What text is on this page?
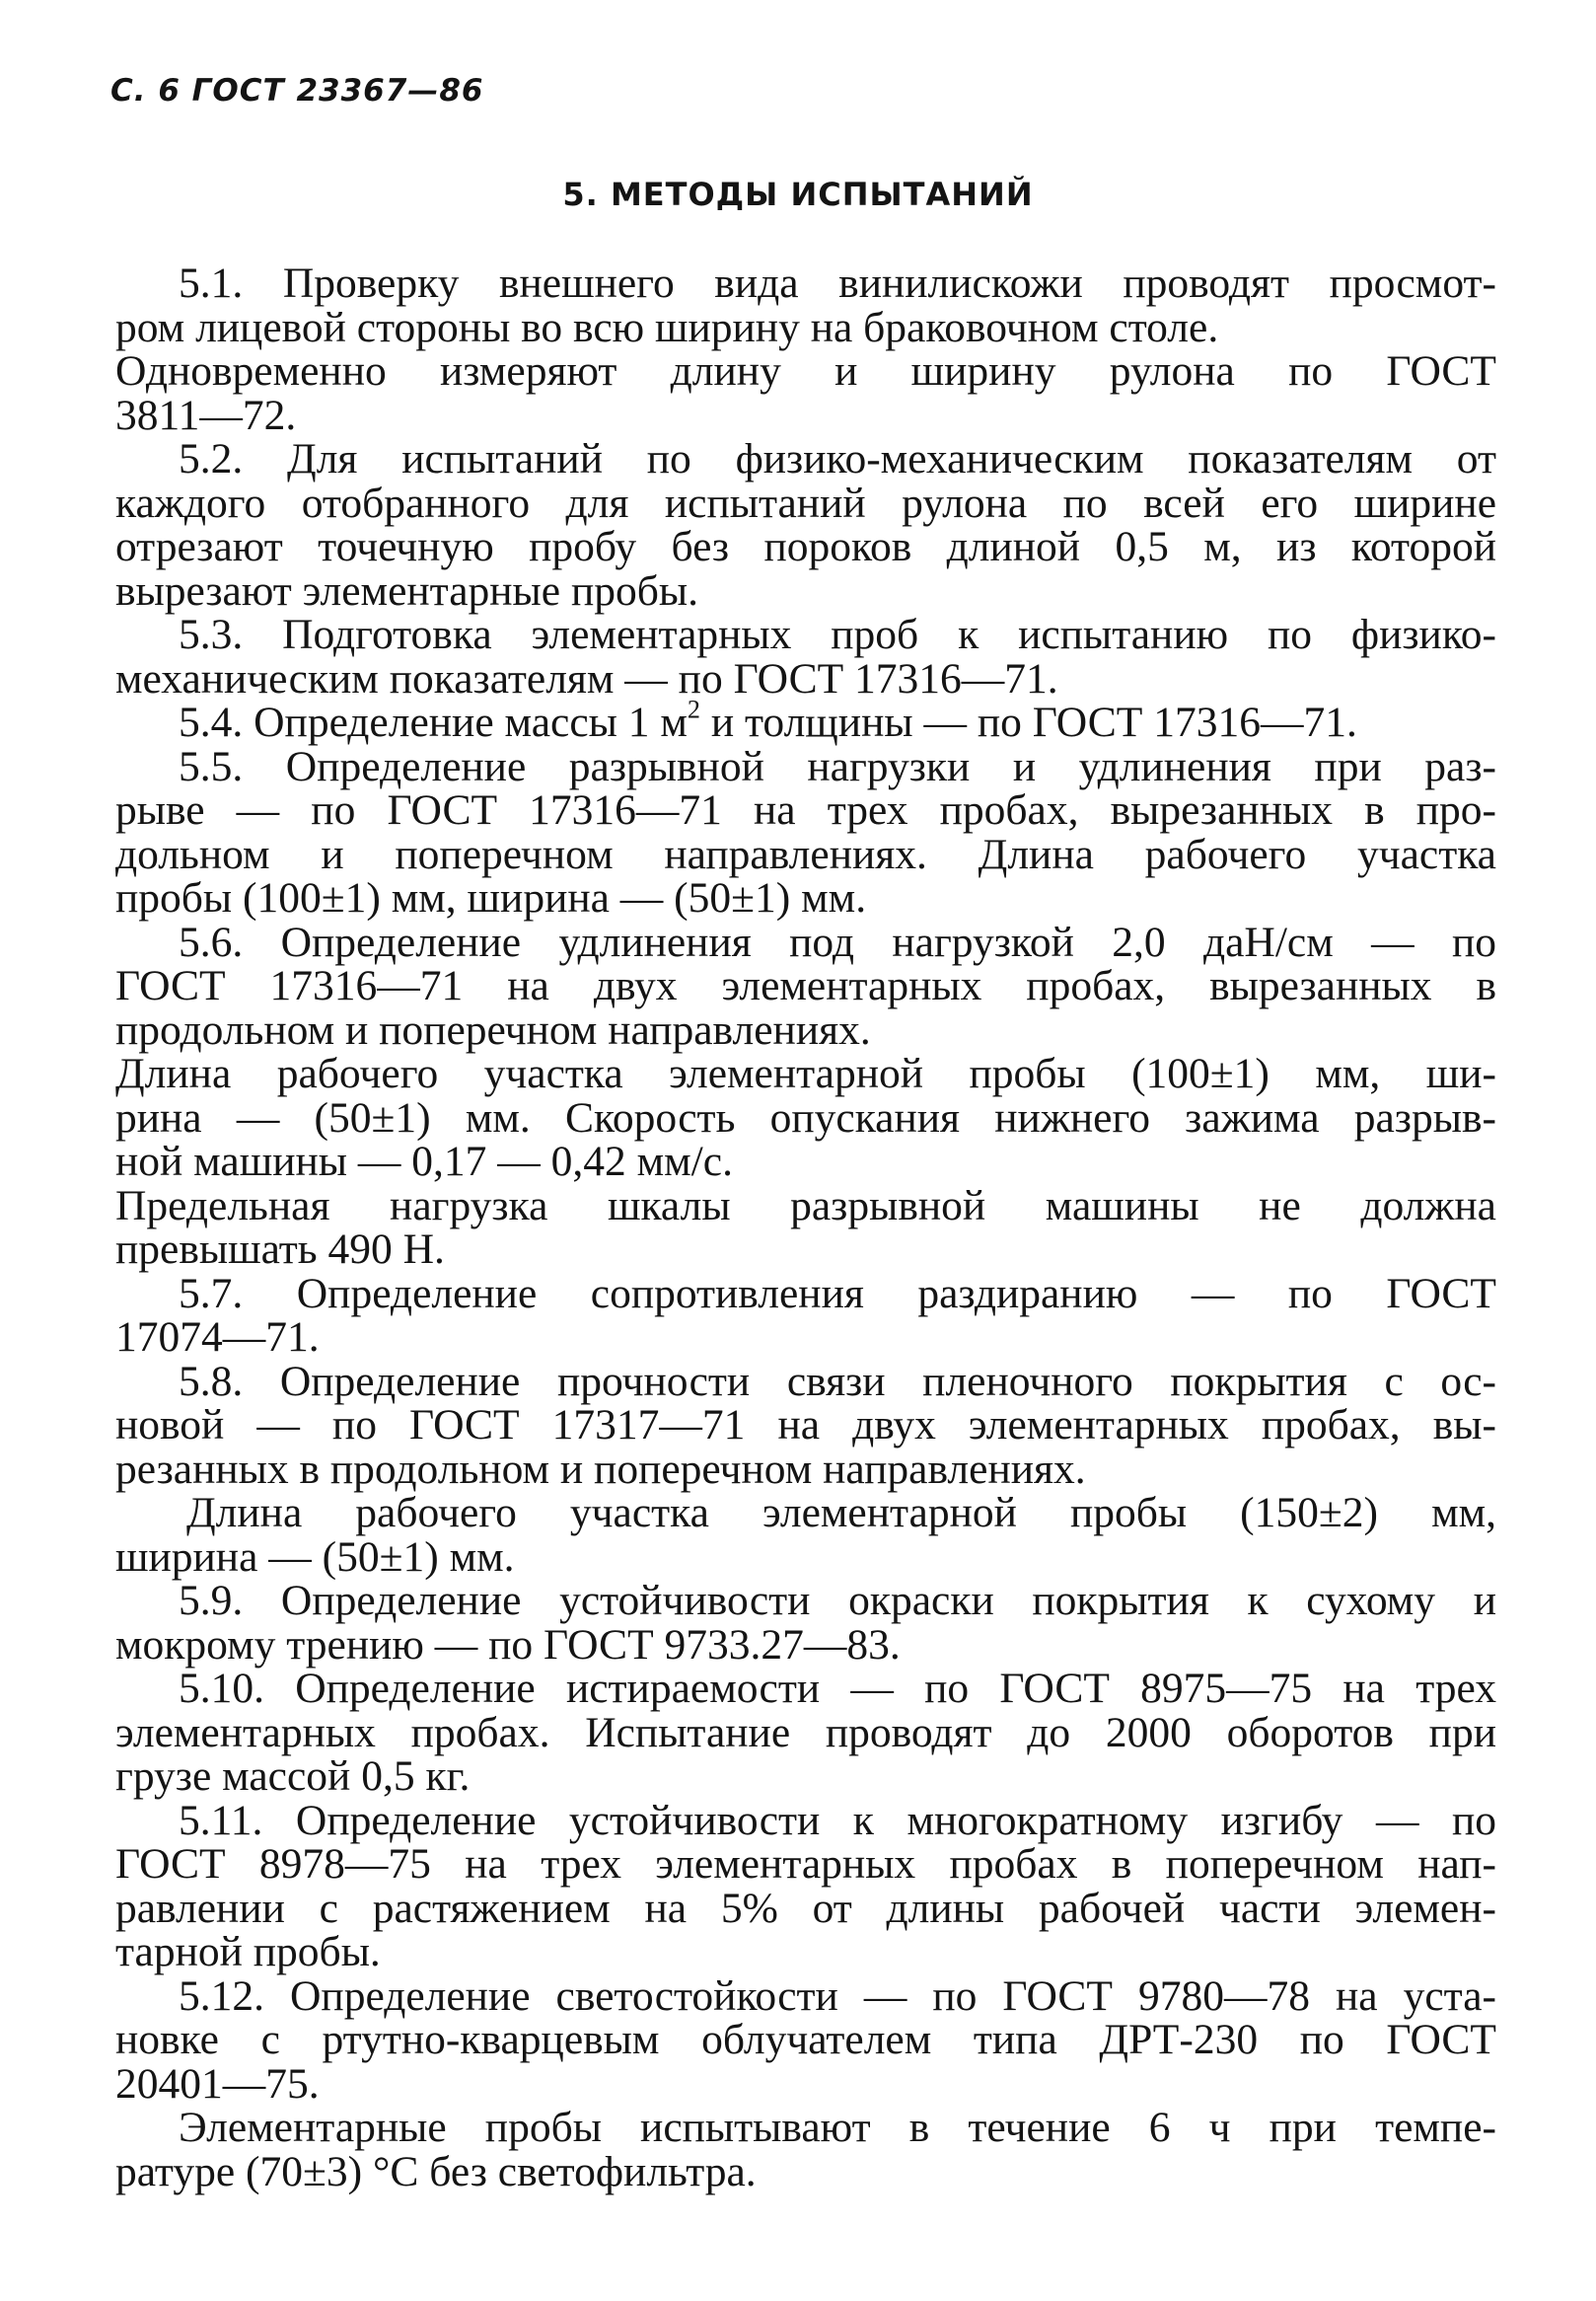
С. 6 ГОСТ 23367—86
5. МЕТОДЫ ИСПЫТАНИЙ
5.1. Проверку внешнего вида винилискожи проводят просмот-
ром лицевой стороны во всю ширину на браковочном столе.
Одновременно измеряют длину и ширину рулона по ГОСТ
3811—72.
5.2. Для испытаний по физико-механическим показателям от
каждого отобранного для испытаний рулона по всей его ширине
отрезают точечную пробу без пороков длиной 0,5 м, из которой
вырезают элементарные пробы.
5.3. Подготовка элементарных проб к испытанию по физико-
механическим показателям — по ГОСТ 17316—71.
5.4. Определение массы 1 $м^2$ и толщины — по ГОСТ 17316—71.
5.5. Определение разрывной нагрузки и удлинения при раз-
рыве — по ГОСТ 17316—71 на трех пробах, вырезанных в про-
дольном и поперечном направлениях. Длина рабочего участка
пробы (100±1) мм, ширина — (50±1) мм.
5.6. Определение удлинения под нагрузкой 2,0 даН/см — по
ГОСТ 17316—71 на двух элементарных пробах, вырезанных в
продольном и поперечном направлениях.
Длина рабочего участка элементарной пробы (100±1) мм, ши-
рина — (50±1) мм. Скорость опускания нижнего зажима разрыв-
ной машины — 0,17 — 0,42 мм/с.
Предельная нагрузка шкалы разрывной машины не должна
превышать 490 Н.
5.7. Определение сопротивления раздиранию — по ГОСТ
17074—71.
5.8. Определение прочности связи пленочного покрытия с ос-
новой — по ГОСТ 17317—71 на двух элементарных пробах, вы-
резанных в продольном и поперечном направлениях.
Длина рабочего участка элементарной пробы (150±2) мм,
ширина — (50±1) мм.
5.9. Определение устойчивости окраски покрытия к сухому и
мокрому трению — по ГОСТ 9733.27—83.
5.10. Определение истираемости — по ГОСТ 8975—75 на трех
элементарных пробах. Испытание проводят до 2000 оборотов при
грузе массой 0,5 кг.
5.11. Определение устойчивости к многократному изгибу — по
ГОСТ 8978—75 на трех элементарных пробах в поперечном нап-
равлении с растяжением на 5% от длины рабочей части элемен-
тарной пробы.
5.12. Определение светостойкости — по ГОСТ 9780—78 на уста-
новке с ртутно-кварцевым облучателем типа ДРТ-230 по ГОСТ
20401—75.
Элементарные пробы испытывают в течение 6 ч при темпе-
ратуре (70±3) °С без светофильтра.
